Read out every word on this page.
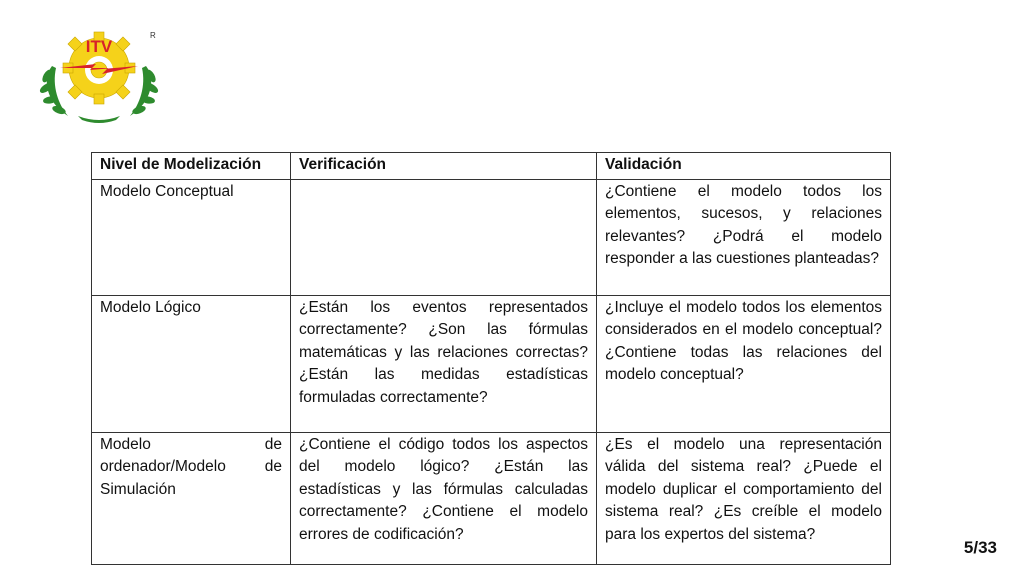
ITV
R
Nivel de Modelización	Verificación	Validación
Modelo Conceptual		¿Contiene el modelo todos los elementos, sucesos, y relaciones relevantes? ¿Podrá el modelo responder a las cuestiones planteadas?
Modelo Lógico	¿Están los eventos representados correctamente? ¿Son las fórmulas matemáticas y las relaciones correctas? ¿Están las medidas estadísticas formuladas correctamente?	¿Incluye el modelo todos los elementos considerados en el modelo conceptual? ¿Contiene todas las relaciones del modelo conceptual?
Modelo de ordenador/Modelo de Simulación	¿Contiene el código todos los aspectos del modelo lógico? ¿Están las estadísticas y las fórmulas calculadas correctamente? ¿Contiene el modelo errores de codificación?	¿Es el modelo una representación válida del sistema real? ¿Puede el modelo duplicar el comportamiento del sistema real? ¿Es creíble el modelo para los expertos del sistema?
5/33
